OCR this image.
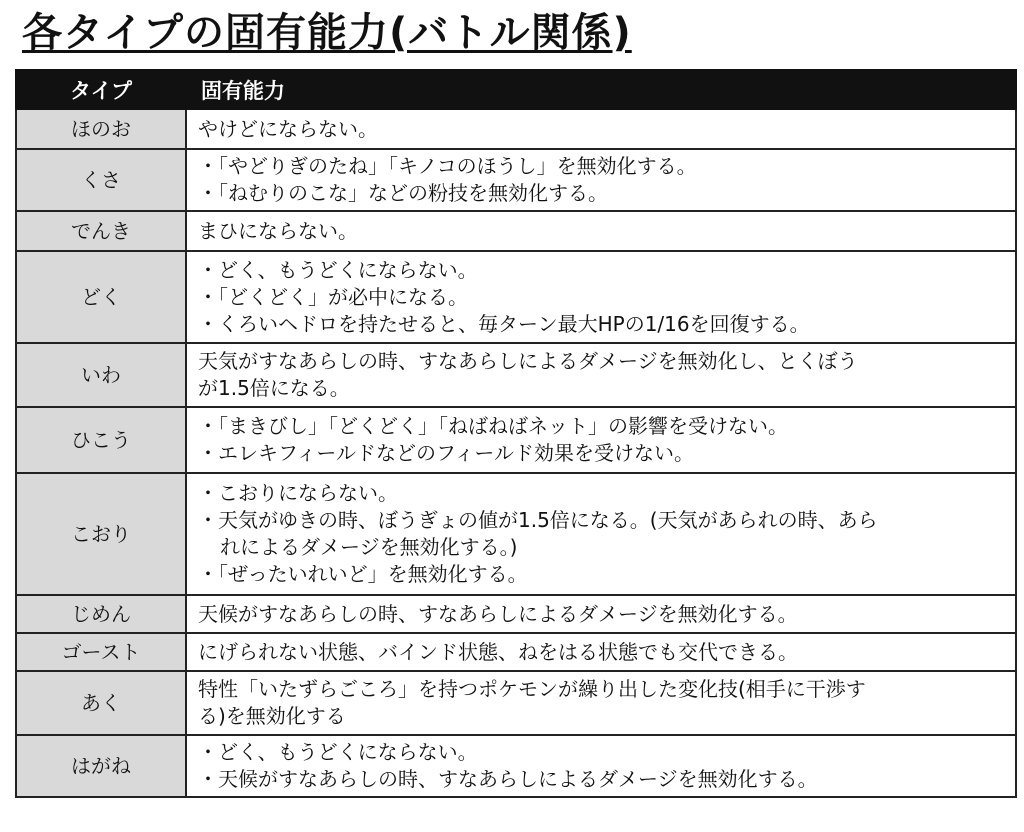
各タイプの固有能力(バトル関係)
タイプ	固有能力
ほのお	やけどにならない。

くさ	・「やどりぎのたね」「キノコのほうし」を無効化する。
・「ねむりのこな」などの粉技を無効化する。

でんき	まひにならない。

どく	・どく、もうどくにならない。
・「どくどく」が必中になる。
・くろいヘドロを持たせると、毎ターン最大HPの1/16を回復する。

いわ	天気がすなあらしの時、すなあらしによるダメージを無効化し、とくぼう
が1.5倍になる。

ひこう	・「まきびし」「どくどく」「ねばねばネット」の影響を受けない。
・エレキフィールドなどのフィールド効果を受けない。

こおり	・こおりにならない。
・天気がゆきの時、ぼうぎょの値が1.5倍になる。(天気があられの時、あら
れによるダメージを無効化する。)
・「ぜったいれいど」を無効化する。

じめん	天候がすなあらしの時、すなあらしによるダメージを無効化する。

ゴースト	にげられない状態、バインド状態、ねをはる状態でも交代できる。

あく	特性「いたずらごころ」を持つポケモンが繰り出した変化技(相手に干渉す
る)を無効化する

はがね	・どく、もうどくにならない。
・天候がすなあらしの時、すなあらしによるダメージを無効化する。
